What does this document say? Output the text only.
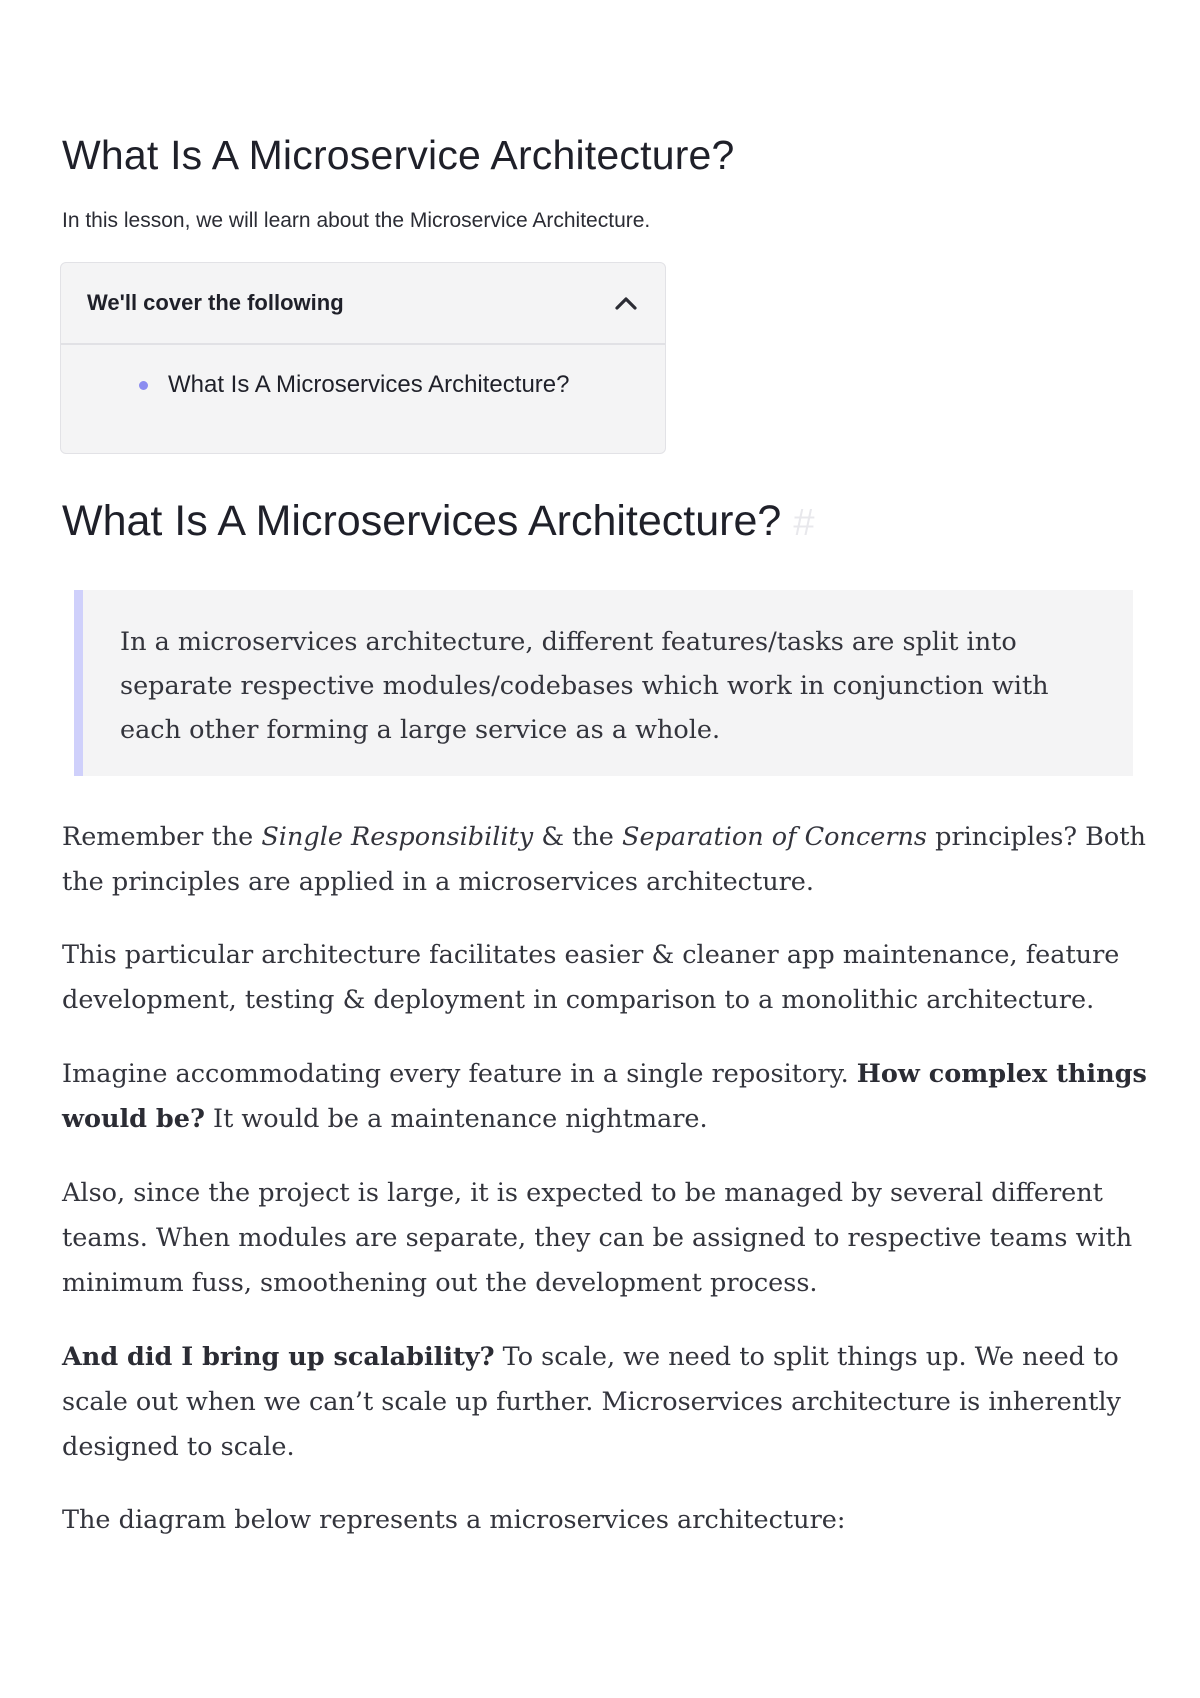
What Is A Microservice Architecture?

In this lesson, we will learn about the Microservice Architecture.

We'll cover the following
What Is A Microservices Architecture?
What Is A Microservices Architecture? #
In a microservices architecture, different features/tasks are split into separate respective modules/codebases which work in conjunction with each other forming a large service as a whole.

Remember the Single Responsibility & the Separation of Concerns principles? Both the principles are applied in a microservices architecture.

This particular architecture facilitates easier & cleaner app maintenance, feature development, testing & deployment in comparison to a monolithic architecture.

Imagine accommodating every feature in a single repository. How complex things would be? It would be a maintenance nightmare.

Also, since the project is large, it is expected to be managed by several different teams. When modules are separate, they can be assigned to respective teams with minimum fuss, smoothening out the development process.

And did I bring up scalability? To scale, we need to split things up. We need to scale out when we can’t scale up further. Microservices architecture is inherently designed to scale.

The diagram below represents a microservices architecture:
